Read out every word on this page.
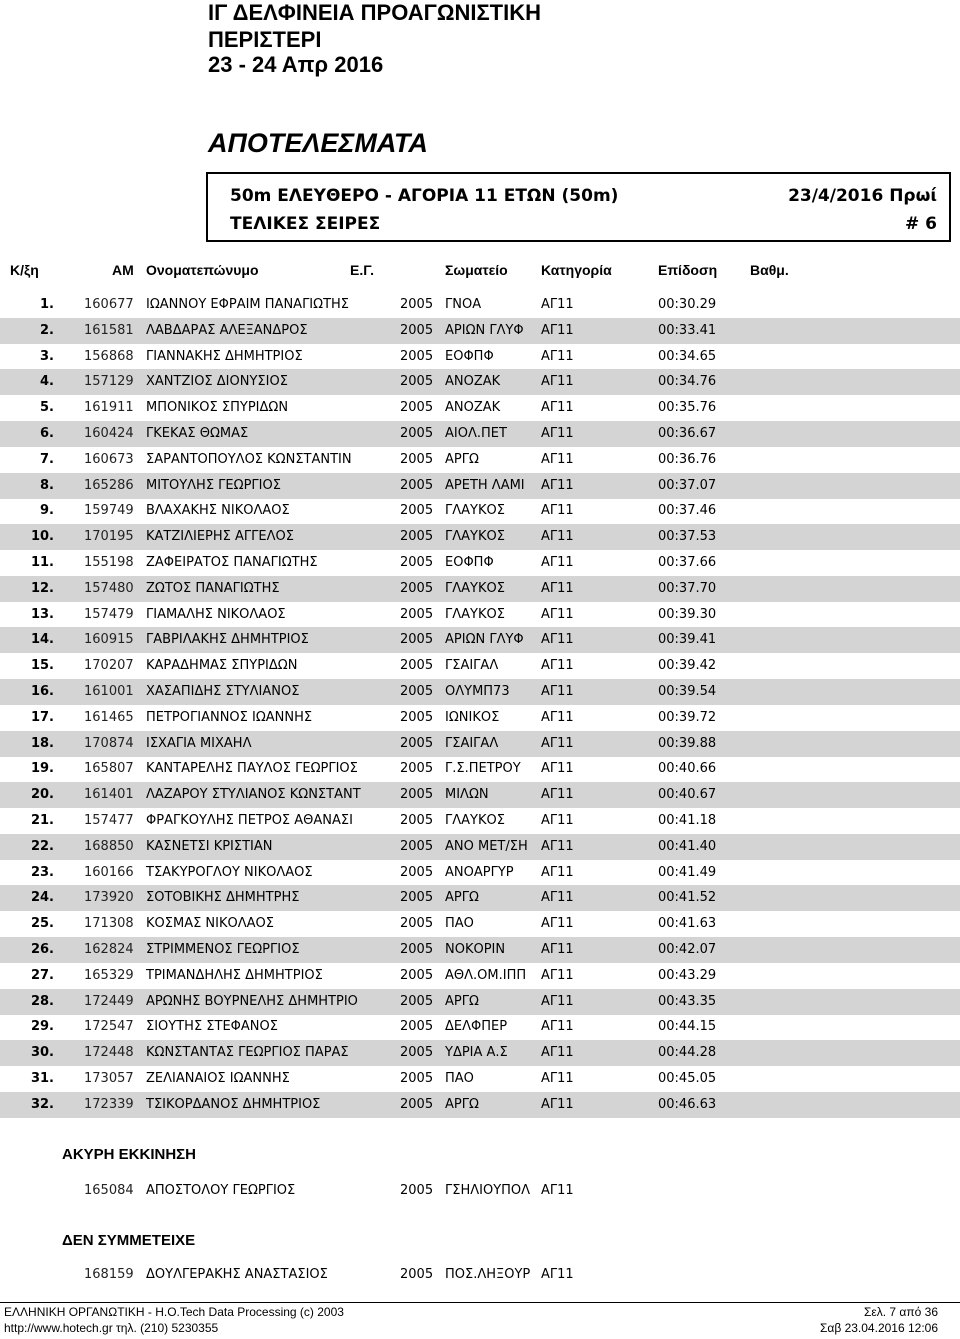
ΙΓ ΔΕΛΦΙΝΕΙΑ ΠΡΟΑΓΩΝΙΣΤΙΚΗ
ΠΕΡΙΣΤΕΡΙ
23 - 24 Απρ 2016
ΑΠΟΤΕΛΕΣΜΑΤΑ
50m ΕΛΕΥΘΕΡΟ - ΑΓΟΡΙΑ 11 ΕΤΩΝ (50m)	23/4/2016 Πρωί
ΤΕΛΙΚΕΣ ΣΕΙΡΕΣ	# 6
Κ/ξη	ΑΜ Ονοματεπώνυμο	Ε.Γ.	Σωματείο Κατηγορία	Επίδοση Βαθμ.
1. 160677 ΙΩΑΝΝΟΥ ΕΦΡΑΙΜ ΠΑΝΑΓΙΩΤΗΣ	2005 ΓΝΟΑ	ΑΓ11	00:30.29
2. 161581 ΛΑΒΔΑΡΑΣ ΑΛΕΞΑΝΔΡΟΣ	2005 ΑΡΙΩΝ ΓΛΥΦ ΑΓ11	00:33.41
3. 156868 ΓΙΑΝΝΑΚΗΣ ΔΗΜΗΤΡΙΟΣ	2005 ΕΟΦΠΦ	ΑΓ11	00:34.65
4. 157129 ΧΑΝΤΖΙΟΣ ΔΙΟΝΥΣΙΟΣ	2005 ΑΝΟΖΑΚ	ΑΓ11	00:34.76
5. 161911 ΜΠΟΝΙΚΟΣ ΣΠΥΡΙΔΩΝ	2005 ΑΝΟΖΑΚ	ΑΓ11	00:35.76
6. 160424 ΓΚΕΚΑΣ ΘΩΜΑΣ	2005 ΑΙΟΛ.ΠΕΤ	ΑΓ11	00:36.67
7. 160673 ΣΑΡΑΝΤΟΠΟΥΛΟΣ ΚΩΝΣΤΑΝΤΙΝ	2005 ΑΡΓΩ	ΑΓ11	00:36.76
8. 165286 ΜΙΤΟΥΛΗΣ ΓΕΩΡΓΙΟΣ	2005 ΑΡΕΤΗ ΛΑΜΙ ΑΓ11	00:37.07
9. 159749 ΒΛΑΧΑΚΗΣ ΝΙΚΟΛΑΟΣ	2005 ΓΛΑΥΚΟΣ	ΑΓ11	00:37.46
10. 170195 ΚΑΤΖΙΛΙΕΡΗΣ ΑΓΓΕΛΟΣ	2005 ΓΛΑΥΚΟΣ	ΑΓ11	00:37.53
11. 155198 ΖΑΦΕΙΡΑΤΟΣ ΠΑΝΑΓΙΩΤΗΣ	2005 ΕΟΦΠΦ	ΑΓ11	00:37.66
12. 157480 ΖΩΤΟΣ ΠΑΝΑΓΙΩΤΗΣ	2005 ΓΛΑΥΚΟΣ	ΑΓ11	00:37.70
13. 157479 ΓΙΑΜΑΛΗΣ ΝΙΚΟΛΑΟΣ	2005 ΓΛΑΥΚΟΣ	ΑΓ11	00:39.30
14. 160915 ΓΑΒΡΙΛΑΚΗΣ ΔΗΜΗΤΡΙΟΣ	2005 ΑΡΙΩΝ ΓΛΥΦ ΑΓ11	00:39.41
15. 170207 ΚΑΡΑΔΗΜΑΣ ΣΠΥΡΙΔΩΝ	2005 ΓΣΑΙΓΑΛ	ΑΓ11	00:39.42
16. 161001 ΧΑΣΑΠΙΔΗΣ ΣΤΥΛΙΑΝΟΣ	2005 ΟΛΥΜΠ73 ΑΓ11	00:39.54
17. 161465 ΠΕΤΡΟΓΙΑΝΝΟΣ ΙΩΑΝΝΗΣ	2005 ΙΩΝΙΚΟΣ	ΑΓ11	00:39.72
18. 170874 ΙΣΧΑΓΙΑ ΜΙΧΑΗΛ	2005 ΓΣΑΙΓΑΛ	ΑΓ11	00:39.88
19. 165807 ΚΑΝΤΑΡΕΛΗΣ ΠΑΥΛΟΣ ΓΕΩΡΓΙΟΣ	2005 Γ.Σ.ΠΕΤΡΟΥ ΑΓ11	00:40.66
20. 161401 ΛΑΖΑΡΟΥ ΣΤΥΛΙΑΝΟΣ ΚΩΝΣΤΑΝΤ	2005 ΜΙΛΩΝ	ΑΓ11	00:40.67
21. 157477 ΦΡΑΓΚΟΥΛΗΣ ΠΕΤΡΟΣ ΑΘΑΝΑΣΙ	2005 ΓΛΑΥΚΟΣ	ΑΓ11	00:41.18
22. 168850 ΚΑΣΝΕΤΣΙ ΚΡΙΣΤΙΑΝ	2005 ΑΝΟ ΜΕΤ/ΣΗ ΑΓ11	00:41.40
23. 160166 ΤΣΑΚΥΡΟΓΛΟΥ ΝΙΚΟΛΑΟΣ	2005 ΑΝΟΑΡΓΥΡ ΑΓ11	00:41.49
24. 173920 ΣΟΤΟΒΙΚΗΣ ΔΗΜΗΤΡΗΣ	2005 ΑΡΓΩ	ΑΓ11	00:41.52
25. 171308 ΚΟΣΜΑΣ ΝΙΚΟΛΑΟΣ	2005 ΠΑΟ	ΑΓ11	00:41.63
26. 162824 ΣΤΡΙΜΜΕΝΟΣ ΓΕΩΡΓΙΟΣ	2005 ΝΟΚΟΡΙΝ	ΑΓ11	00:42.07
27. 165329 ΤΡΙΜΑΝΔΗΛΗΣ ΔΗΜΗΤΡΙΟΣ	2005 ΑΘΛ.ΟΜ.ΙΠΠ ΑΓ11	00:43.29
28. 172449 ΑΡΩΝΗΣ ΒΟΥΡΝΕΛΗΣ ΔΗΜΗΤΡΙΟ	2005 ΑΡΓΩ	ΑΓ11	00:43.35
29. 172547 ΣΙΟΥΤΗΣ ΣΤΕΦΑΝΟΣ	2005 ΔΕΛΦΠΕΡ	ΑΓ11	00:44.15
30. 172448 ΚΩΝΣΤΑΝΤΑΣ ΓΕΩΡΓΙΟΣ ΠΑΡΑΣ	2005 ΥΔΡΙΑ Α.Σ	ΑΓ11	00:44.28
31. 173057 ΖΕΛΙΑΝΑΙΟΣ ΙΩΑΝΝΗΣ	2005 ΠΑΟ	ΑΓ11	00:45.05
32. 172339 ΤΣΙΚΟΡΔΑΝΟΣ ΔΗΜΗΤΡΙΟΣ	2005 ΑΡΓΩ	ΑΓ11	00:46.63
ΑΚΥΡΗ ΕΚΚΙΝΗΣΗ
165084 ΑΠΟΣΤΟΛΟΥ ΓΕΩΡΓΙΟΣ	2005 ΓΣΗΛΙΟΥΠΟΛ ΑΓ11
ΔΕΝ ΣΥΜΜΕΤΕΙΧΕ
168159 ΔΟΥΛΓΕΡΑΚΗΣ ΑΝΑΣΤΑΣΙΟΣ	2005 ΠΟΣ.ΛΗΞΟΥΡ ΑΓ11
ΕΛΛΗΝΙΚΗ ΟΡΓΑΝΩΤΙΚΗ - Η.Ο.Tech Data Processing (c) 2003
http://www.hotech.gr τηλ. (210) 5230355
Σελ. 7 από 36
Σαβ 23.04.2016 12:06
